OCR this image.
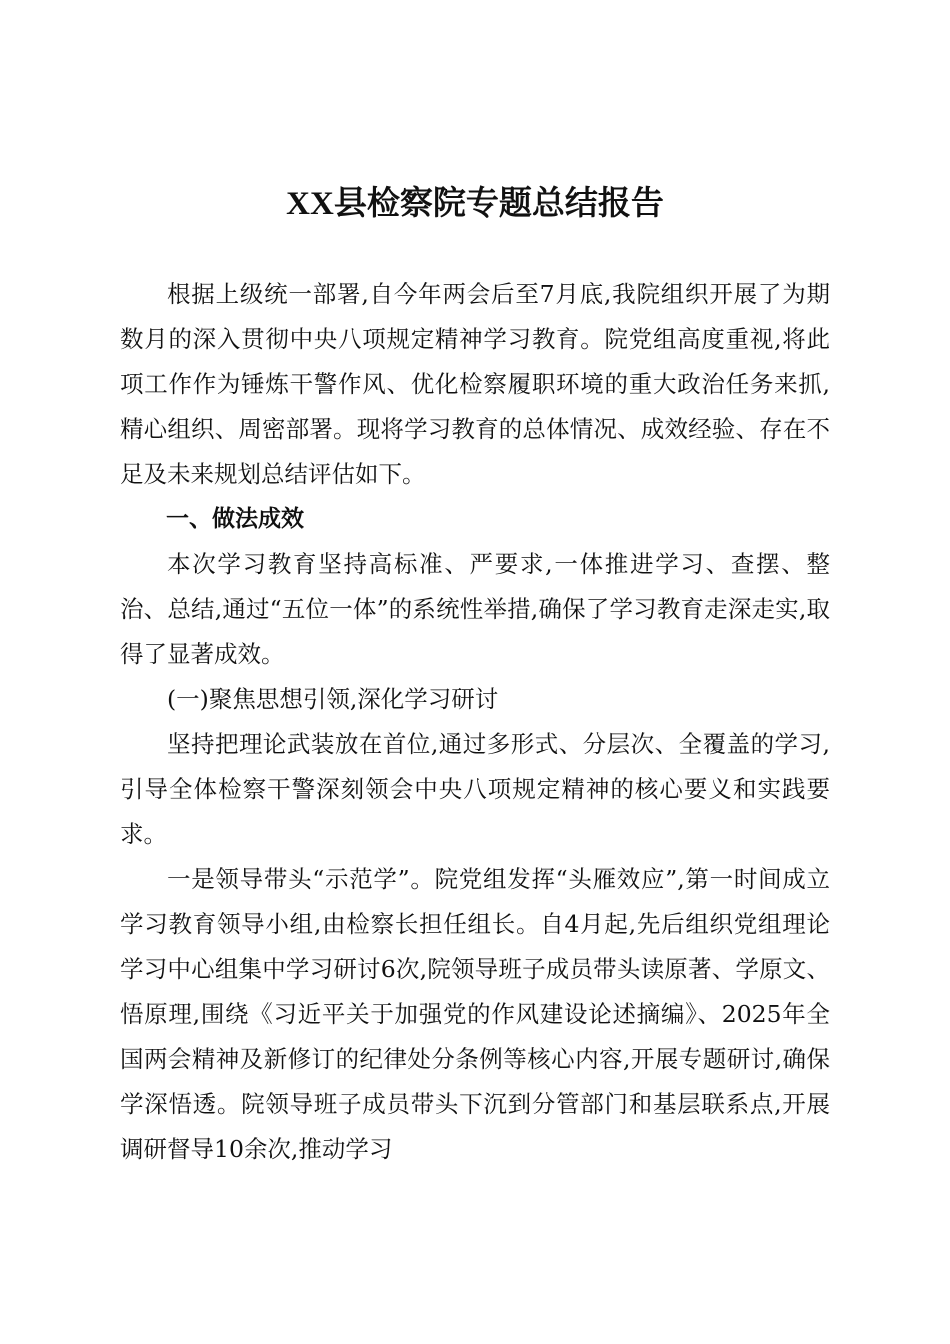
XX县检察院专题总结报告

根据上级统一部署,自今年两会后至7月底,我院组织开展了为期数月的深入贯彻中央八项规定精神学习教育。院党组高度重视,将此项工作作为锤炼干警作风、优化检察履职环境的重大政治任务来抓,精心组织、周密部署。现将学习教育的总体情况、成效经验、存在不足及未来规划总结评估如下。

一、做法成效

本次学习教育坚持高标准、严要求,一体推进学习、查摆、整治、总结,通过“五位一体”的系统性举措,确保了学习教育走深走实,取得了显著成效。

(一)聚焦思想引领,深化学习研讨

坚持把理论武装放在首位,通过多形式、分层次、全覆盖的学习,引导全体检察干警深刻领会中央八项规定精神的核心要义和实践要求。

一是领导带头“示范学”。院党组发挥“头雁效应”,第一时间成立学习教育领导小组,由检察长担任组长。自4月起,先后组织党组理论学习中心组集中学习研讨6次,院领导班子成员带头读原著、学原文、悟原理,围绕《习近平关于加强党的作风建设论述摘编》、2025年全国两会精神及新修订的纪律处分条例等核心内容,开展专题研讨,确保学深悟透。院领导班子成员带头下沉到分管部门和基层联系点,开展调研督导10余次,推动学习
